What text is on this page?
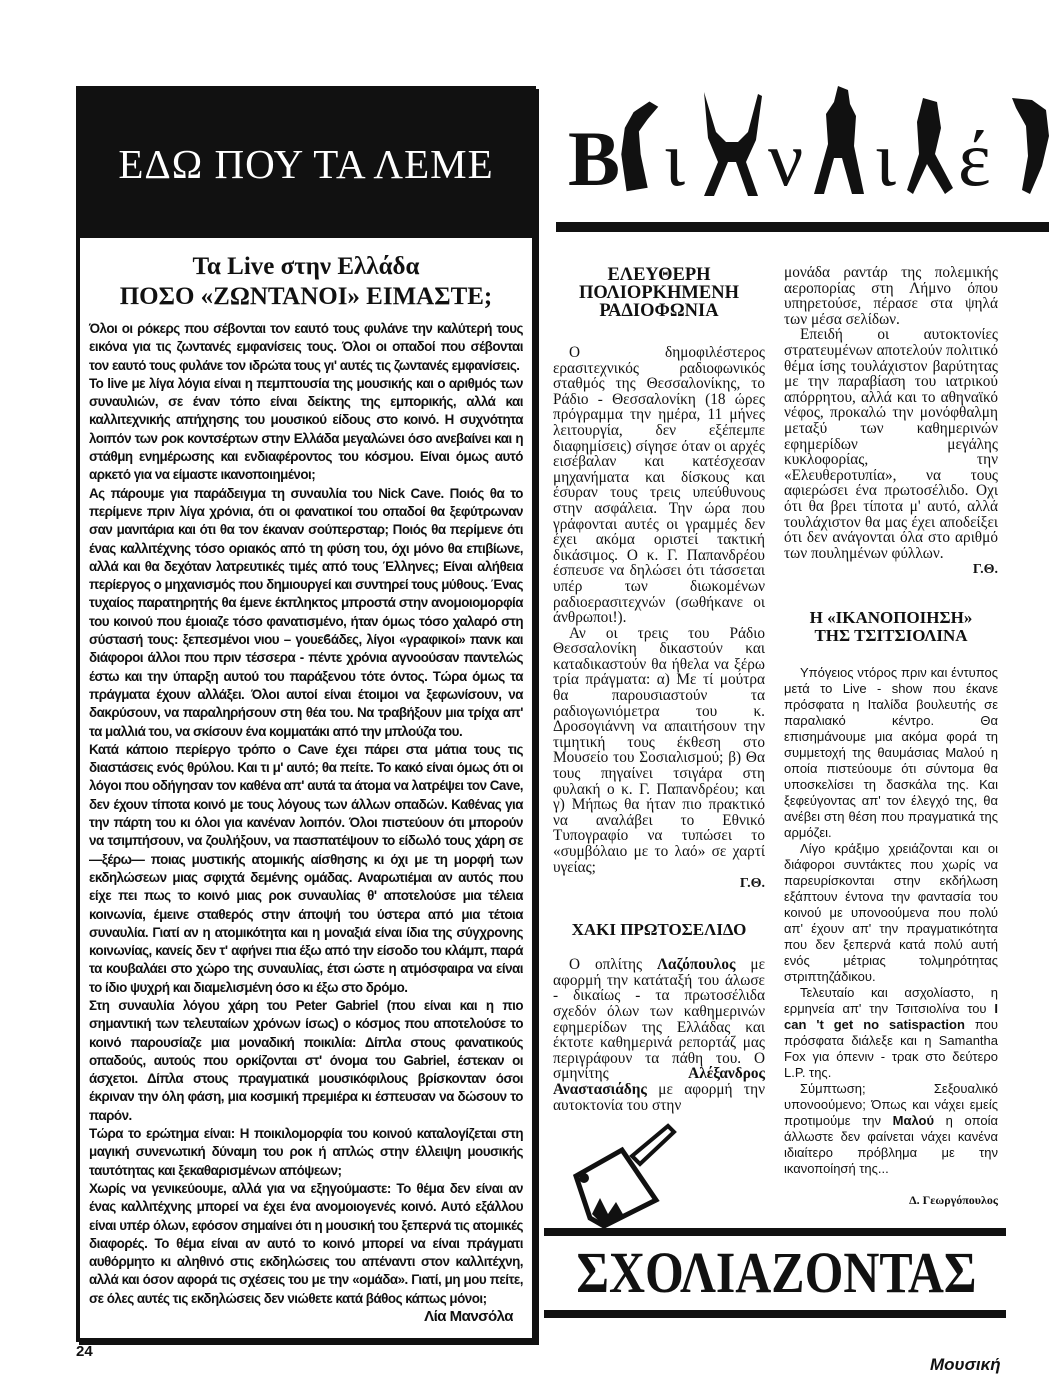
ΕΔΩ ΠΟΥ ΤΑ ΛΕΜΕ
Τα Live στην Ελλάδα
ΠΟΣΟ «ΖΩΝΤΑΝΟΙ» ΕΙΜΑΣΤΕ;

Όλοι οι ρόκερς που σέβονται τον εαυτό τους φυλάνε την καλύτερή τους εικόνα για τις ζωντανές εμφανίσεις τους. Όλοι οι οπαδοί που σέβονται τον εαυτό τους φυλάνε τον ιδρώτα τους γι' αυτές τις ζωντανές εμφανίσεις.

Το live με λίγα λόγια είναι η πεμπτουσία της μουσικής και ο αριθμός των συναυλιών, σε έναν τόπο είναι δείκτης της εμπορικής, αλλά και καλλιτεχνικής απήχησης του μουσικού είδους στο κοινό. Η συχνότητα λοιπόν των ροκ κοντσέρτων στην Ελλάδα μεγαλώνει όσο ανεβαίνει και η στάθμη ενημέρωσης και ενδιαφέροντος του κόσμου. Είναι όμως αυτό αρκετό για να είμαστε ικανοποιημένοι;

Ας πάρουμε για παράδειγμα τη συναυλία του Nick Cave. Ποιός θα το περίμενε πριν λίγα χρόνια, ότι οι φανατικοί του οπαδοί θα ξεφύτρωναν σαν μανιτάρια και ότι θα τον έκαναν σούπερσταρ; Ποιός θα περίμενε ότι ένας καλλιτέχνης τόσο οριακός από τη φύση του, όχι μόνο θα επιβίωνε, αλλά και θα δεχόταν λατρευτικές τιμές από τους Έλληνες; Είναι αλήθεια περίεργος ο μηχανισμός που δημιουργεί και συντηρεί τους μύθους. Ένας τυχαίος παρατηρητής θα έμενε έκπληκτος μπροστά στην ανομοιομορφία του κοινού που έμοιαζε τόσο φανατισμένο, ήταν όμως τόσο χαλαρό στη σύστασή τους: ξεπεσμένοι νιου – γουεϐάδες, λίγοι «γραφικοί» πανκ και διάφοροι άλλοι που πριν τέσσερα - πέντε χρόνια αγνοούσαν παντελώς έστω και την ύπαρξη αυτού του παράξενου τότε όντος. Τώρα όμως τα πράγματα έχουν αλλάξει. Όλοι αυτοί είναι έτοιμοι να ξεφωνίσουν, να δακρύσουν, να παραληρήσουν στη θέα του. Να τραβήξουν μια τρίχα απ' τα μαλλιά του, να σκίσουν ένα κομματάκι από την μπλούζα του.

Κατά κάποιο περίεργο τρόπο ο Cave έχει πάρει στα μάτια τους τις διαστάσεις ενός θρύλου. Και τι μ' αυτό; θα πείτε. Το κακό είναι όμως ότι οι λόγοι που οδήγησαν τον καθένα απ' αυτά τα άτομα να λατρέψει τον Cave, δεν έχουν τίποτα κοινό με τους λόγους των άλλων οπαδών. Καθένας για την πάρτη του κι όλοι για κανέναν λοιπόν. Όλοι πιστεύουν ότι μπορούν να τσιμπήσουν, να ζουλήξουν, να πασπατέψουν το είδωλό τους χάρη σε —ξέρω— ποιας μυστικής ατομικής αίσθησης κι όχι με τη μορφή των εκδηλώσεων μιας σφιχτά δεμένης ομάδας. Αναρωτιέμαι αν αυτός που είχε πει πως το κοινό μιας ροκ συναυλίας θ' αποτελούσε μια τέλεια κοινωνία, έμεινε σταθερός στην άποψή του ύστερα από μια τέτοια συναυλία. Γιατί αν η ατομικότητα και η μοναξιά είναι ίδια της σύγχρονης κοινωνίας, κανείς δεν τ' αφήνει πια έξω από την είσοδο του κλάμπ, παρά τα κουβαλάει στο χώρο της συναυλίας, έτσι ώστε η ατμόσφαιρα να είναι το ίδιο ψυχρή και διαμελισμένη όσο κι έξω στο δρόμο.

Στη συναυλία λόγου χάρη του Peter Gabriel (που είναι και η πιο σημαντική των τελευταίων χρόνων ίσως) ο κόσμος που αποτελούσε το κοινό παρουσίαζε μια μοναδική ποικιλία: Δίπλα στους φανατικούς οπαδούς, αυτούς που ορκίζονται στ' όνομα του Gabriel, έστεκαν οι άσχετοι. Δίπλα στους πραγματικά μουσικόφιλους βρίσκονταν όσοι έκριναν την όλη φάση, μια κοσμική πρεμιέρα κι έσπευσαν να δώσουν το παρόν.

Τώρα το ερώτημα είναι: Η ποικιλομορφία του κοινού καταλογίζεται στη μαγική συνενωτική δύναμη του ροκ ή απλώς στην έλλειψη μουσικής ταυτότητας και ξεκαθαρισμένων απόψεων;

Χωρίς να γενικεύουμε, αλλά για να εξηγούμαστε: Το θέμα δεν είναι αν ένας καλλιτέχνης μπορεί να έχει ένα ανομοιογενές κοινό. Αυτό εξάλλου είναι υπέρ όλων, εφόσον σημαίνει ότι η μουσική του ξεπερνά τις ατομικές διαφορές. Το θέμα είναι αν αυτό το κοινό μπορεί να είναι πράγματι αυθόρμητο κι αληθινό στις εκδηλώσεις του απέναντι στον καλλιτέχνη, αλλά και όσον αφορά τις σχέσεις του με την «ομάδα». Γιατί, μη μου πείτε, σε όλες αυτές τις εκδηλώσεις δεν νιώθετε κατά βάθος κάπως μόνοι;

Λία Μανσόλα
Β ι ν ι έ
ΕΛΕΥΘΕΡΗ
ΠΟΛΙΟΡΚΗΜΕΝΗ
ΡΑΔΙΟΦΩΝΙΑ

Ο δημοφιλέστερος ερασιτεχνικός ραδιοφωνικός σταθμός της Θεσσαλονίκης, το Ράδιο - Θεσσαλονίκη (18 ώρες πρόγραμμα την ημέρα, 11 μήνες λειτουργία, δεν εξέπεμπε διαφημίσεις) σίγησε όταν οι αρχές εισέβαλαν και κατέσχεσαν μηχανήματα και δίσκους και έσυραν τους τρεις υπεύθυνους στην ασφάλεια. Την ώρα που γράφονται αυτές οι γραμμές δεν έχει ακόμα οριστεί τακτική δικάσιμος. Ο κ. Γ. Παπανδρέου έσπευσε να δηλώσει ότι τάσσεται υπέρ των διωκομένων ραδιοερασιτεχνών (σωθήκανε οι άνθρωποι!).

Αν οι τρεις του Ράδιο Θεσσαλονίκη δικαστούν και καταδικαστούν θα ήθελα να ξέρω τρία πράγματα: α) Με τί μούτρα θα παρουσιαστούν τα ραδιογωνιόμετρα του κ. Δροσογιάννη να απαιτήσουν την τιμητική τους έκθεση στο Μουσείο του Σοσιαλισμού; β) Θα τους πηγαίνει τσιγάρα στη φυλακή ο κ. Γ. Παπανδρέου; και γ) Μήπως θα ήταν πιο πρακτικό να αναλάβει το Εθνικό Τυπογραφίο να τυπώσει το «συμβόλαιο με το λαό» σε χαρτί υγείας;

Γ.Θ.
ΧΑΚΙ ΠΡΩΤΟΣΕΛΙΔΟ

Ο οπλίτης Λαζόπουλος με αφορμή την κατάταξή του άλωσε - δικαίως - τα πρωτοσέλιδα σχεδόν όλων των καθημερινών εφημερίδων της Ελλάδας και έκτοτε καθημερινά ρεπορτάζ μας περιγράφουν τα πάθη του. Ο σμηνίτης Αλέξανδρος Αναστασιάδης με αφορμή την αυτοκτονία του στην

μονάδα ραντάρ της πολεμικής αεροπορίας στη Λήμνο όπου υπηρετούσε, πέρασε στα ψηλά των μέσα σελίδων.

Επειδή οι αυτοκτονίες στρατευμένων αποτελούν πολιτικό θέμα ίσης τουλάχιστον βαρύτητας με την παραβίαση του ιατρικού απόρρητου, αλλά και το αθηναϊκό νέφος, προκαλώ την μονόφθαλμη μεταξύ των καθημερινών εφημερίδων μεγάλης κυκλοφορίας, την «Ελευθεροτυπία», να τους αφιερώσει ένα πρωτοσέλιδο. Οχι ότι θα βρει τίποτα μ' αυτό, αλλά τουλάχιστον θα μας έχει αποδείξει ότι δεν ανάγονται όλα στο αριθμό των πουλημένων φύλλων.

Γ.Θ.
Η «ΙΚΑΝΟΠΟΙΗΣΗ»
ΤΗΣ ΤΣΙΤΣΙΟΛΙΝΑ

Υπόγειος ντόρος πριν και έντυπος μετά το Live - show που έκανε πρόσφατα η Ιταλίδα βουλευτής σε παραλιακό κέντρο. Θα επισημάνουμε μια ακόμα φορά τη συμμετοχή της θαυμάσιας Μαλού η οποία πιστεύουμε ότι σύντομα θα υποσκελίσει τη δασκάλα της. Και ξεφεύγοντας απ' τον έλεγχό της, θα ανέβει στη θέση που πραγματικά της αρμόζει.

Λίγο κράξιμο χρειάζονται και οι διάφοροι συντάκτες που χωρίς να παρευρίσκονται στην εκδήλωση εξάπτουν έντονα την φαντασία του κοινού με υπονοούμενα που πολύ απ' έχουν απ' την πραγματικότητα που δεν ξεπερνά κατά πολύ αυτή ενός μέτριας τολμηρότητας στριπτηζάδικου.

Τελευταίο και ασχολίαστο, η ερμηνεία απ' την Τσιτσιολίνα του I can 't get no satispaction που πρόσφατα διάλεξε και η Samantha Fox για όπενιν - τρακ στο δεύτερο L.P. της.

Σύμπτωση; Σεξουαλικό υπονοούμενο; Όπως και νάχει εμείς προτιμούμε την Μαλού η οποία άλλωστε δεν φαίνεται νάχει κανένα ιδιαίτερο πρόβλημα με την ικανοποίησή της...

Δ. Γεωργόπουλος
ΣΧΟΛΙΑΖΟΝΤΑΣ
24
Μουσική
